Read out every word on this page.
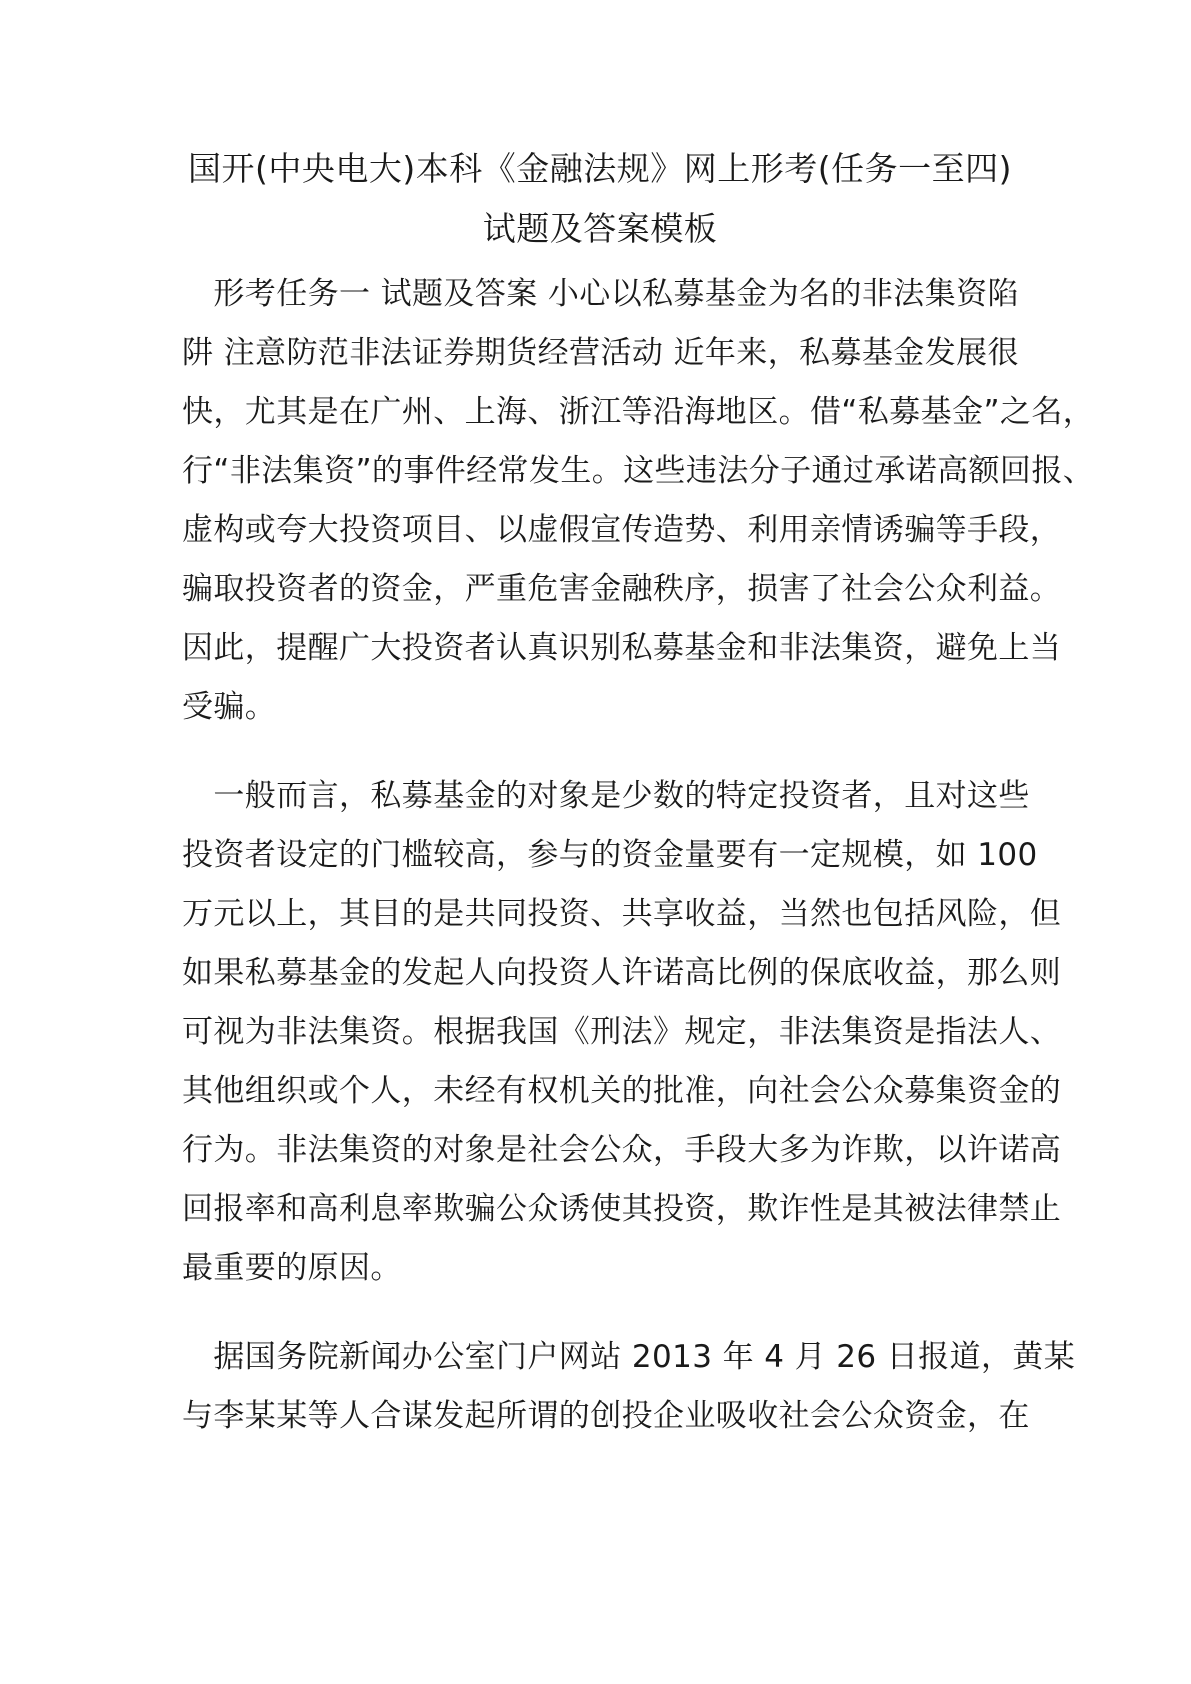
国开(中央电大)本科《金融法规》网上形考(任务一至四)
试题及答案模板
　形考任务一 试题及答案 小心以私募基金为名的非法集资陷
阱 注意防范非法证券期货经营活动 近年来，私募基金发展很
快，尤其是在广州、上海、浙江等沿海地区。借“私募基金”之名，
行“非法集资”的事件经常发生。这些违法分子通过承诺高额回报、
虚构或夸大投资项目、以虚假宣传造势、利用亲情诱骗等手段，
骗取投资者的资金，严重危害金融秩序，损害了社会公众利益。
因此，提醒广大投资者认真识别私募基金和非法集资，避免上当
受骗。
　一般而言，私募基金的对象是少数的特定投资者，且对这些
投资者设定的门槛较高，参与的资金量要有一定规模，如 100
万元以上，其目的是共同投资、共享收益，当然也包括风险，但
如果私募基金的发起人向投资人许诺高比例的保底收益，那么则
可视为非法集资。根据我国《刑法》规定，非法集资是指法人、
其他组织或个人，未经有权机关的批准，向社会公众募集资金的
行为。非法集资的对象是社会公众，手段大多为诈欺，以许诺高
回报率和高利息率欺骗公众诱使其投资，欺诈性是其被法律禁止
最重要的原因。
　据国务院新闻办公室门户网站 2013 年 4 月 26 日报道，黄某
与李某某等人合谋发起所谓的创投企业吸收社会公众资金，在
